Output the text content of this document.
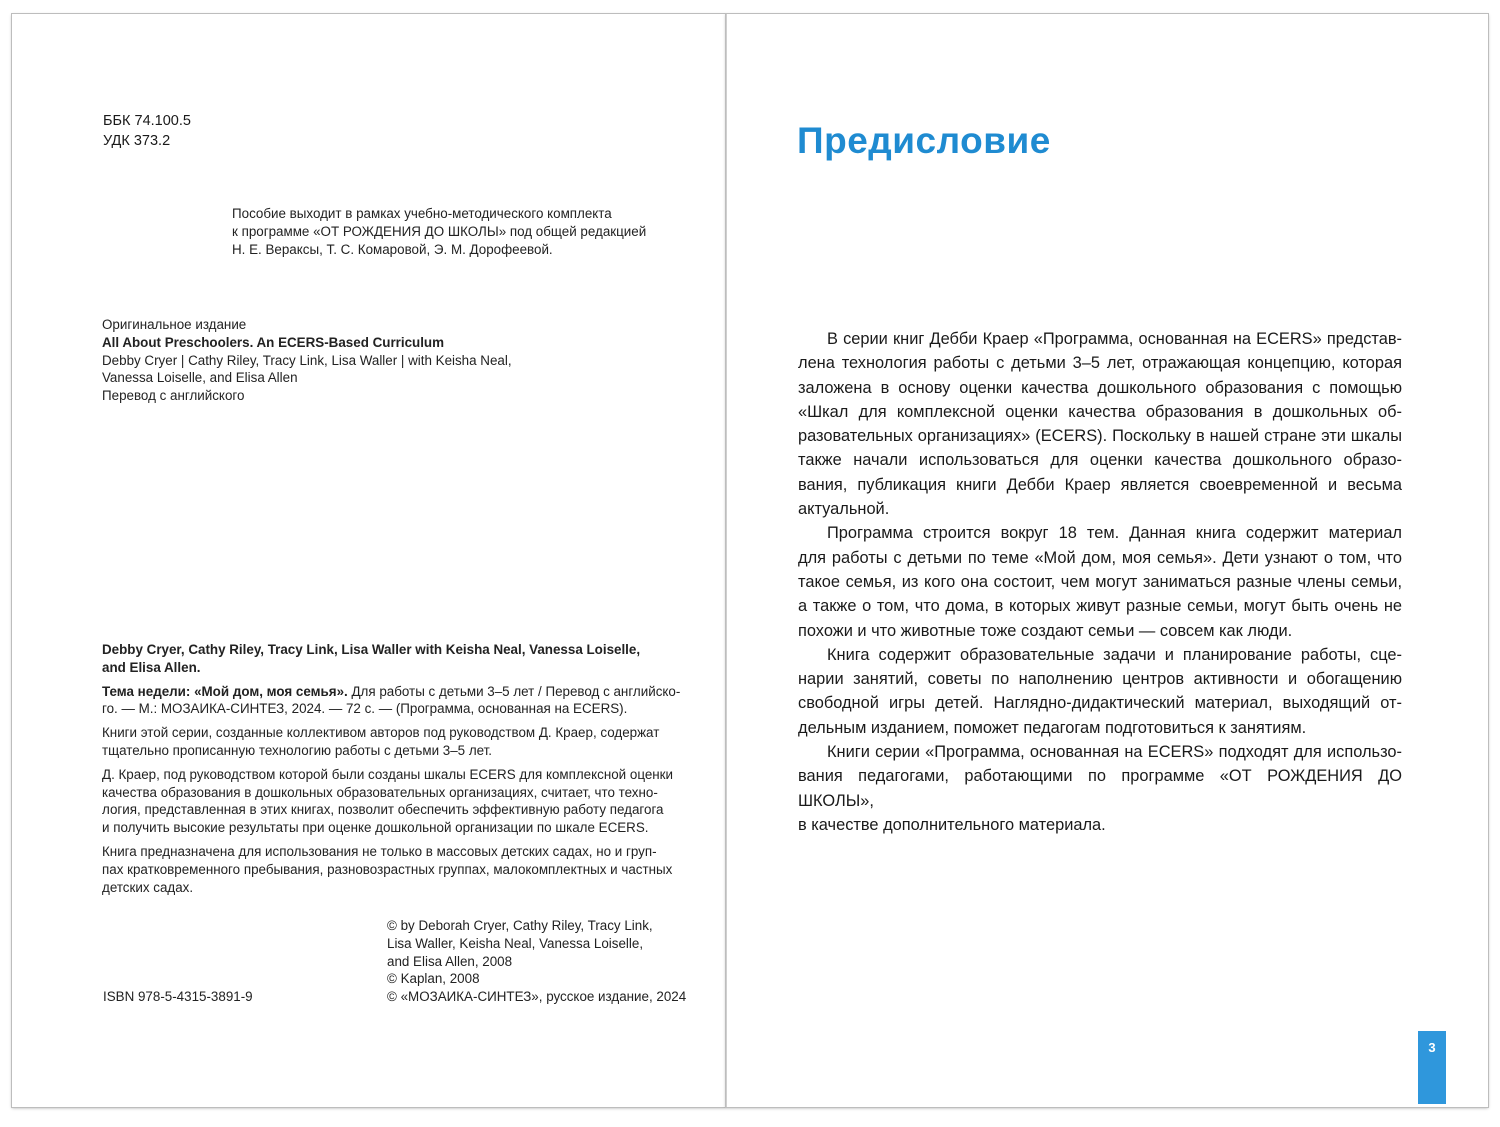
ББК 74.100.5

УДК 373.2

Пособие выходит в рамках учебно-методического комплекта

к программе «ОТ РОЖДЕНИЯ ДО ШКОЛЫ» под общей редакцией

Н. Е. Вераксы, Т. С. Комаровой, Э. М. Дорофеевой.

Оригинальное издание

All About Preschoolers. An ECERS-Based Curriculum

Debby Cryer | Cathy Riley, Tracy Link, Lisa Waller | with Keisha Neal,

Vanessa Loiselle, and Elisa Allen

Перевод с английского

Debby Cryer, Cathy Riley, Tracy Link, Lisa Waller with Keisha Neal, Vanessa Loiselle,

and Elisa Allen.

Тема недели: «Мой дом, моя семья». Для работы с детьми 3–5 лет / Перевод с английско-

го. — М.: МОЗАИКА-СИНТЕЗ, 2024. — 72 с. — (Программа, основанная на ECERS).

Книги этой серии, созданные коллективом авторов под руководством Д. Краер, содержат

тщательно прописанную технологию работы с детьми 3–5 лет.

Д. Краер, под руководством которой были созданы шкалы ECERS для комплексной оценки

качества образования в дошкольных образовательных организациях, считает, что техно-

логия, представленная в этих книгах, позволит обеспечить эффективную работу педагога

и получить высокие результаты при оценке дошкольной организации по шкале ECERS.

Книга предназначена для использования не только в массовых детских садах, но и груп-

пах кратковременного пребывания, разновозрастных группах, малокомплектных и частных

детских садах.

© by Deborah Cryer, Cathy Riley, Tracy Link,

Lisa Waller, Keisha Neal, Vanessa Loiselle,

and Elisa Allen, 2008

© Kaplan, 2008

© «МОЗАИКА-СИНТЕЗ», русское издание, 2024

ISBN 978-5-4315-3891-9

Предисловие

В серии книг Дебби Краер «Программа, основанная на ECERS» представ-

лена технология работы с детьми 3–5 лет, отражающая концепцию, которая

заложена в основу оценки качества дошкольного образования с помощью

«Шкал для комплексной оценки качества образования в дошкольных об-

разовательных организациях» (ECERS). Поскольку в нашей стране эти шкалы

также начали использоваться для оценки качества дошкольного образо-

вания, публикация книги Дебби Краер является своевременной и весьма

актуальной.

Программа строится вокруг 18 тем. Данная книга содержит материал

для работы с детьми по теме «Мой дом, моя семья». Дети узнают о том, что

такое семья, из кого она состоит, чем могут заниматься разные члены семьи,

а также о том, что дома, в которых живут разные семьи, могут быть очень не

похожи и что животные тоже создают семьи — совсем как люди.

Книга содержит образовательные задачи и планирование работы, сце-

нарии занятий, советы по наполнению центров активности и обогащению

свободной игры детей. Наглядно-дидактический материал, выходящий от-

дельным изданием, поможет педагогам подготовиться к занятиям.

Книги серии «Программа, основанная на ECERS» подходят для использо-

вания педагогами, работающими по программе «ОТ РОЖДЕНИЯ ДО ШКОЛЫ»,

в качестве дополнительного материала.

3
